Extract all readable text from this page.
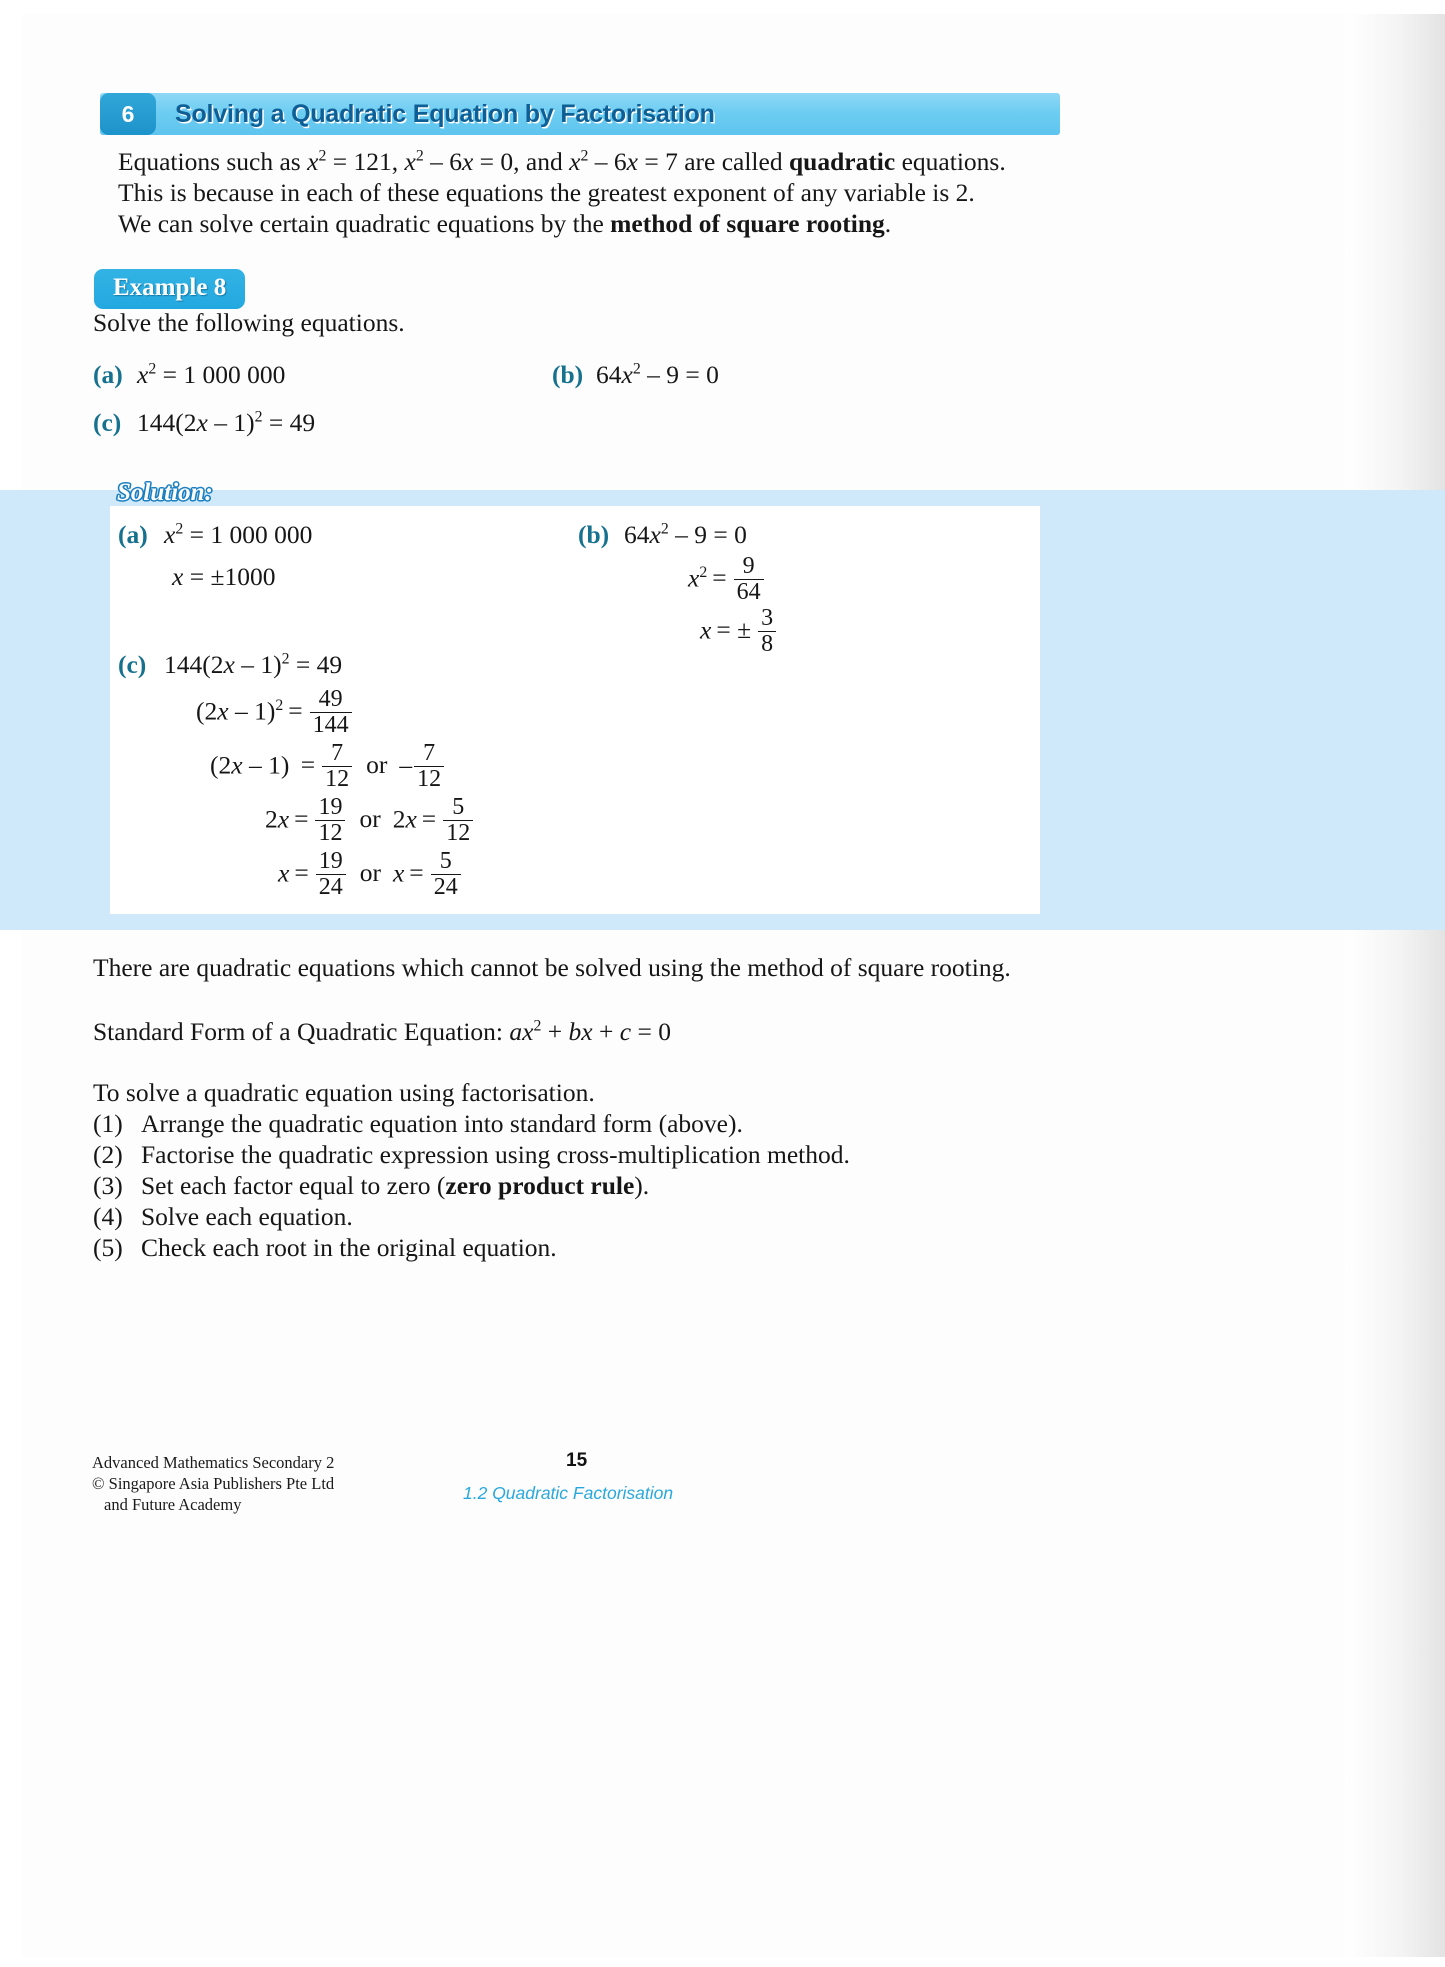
6 Solving a Quadratic Equation by Factorisation
Equations such as $x^2 = 121$, $x^2 - 6x = 0$, and $x^2 - 6x = 7$ are called quadratic equations.
This is because in each of these equations the greatest exponent of any variable is 2.
We can solve certain quadratic equations by the method of square rooting.
Example 8
Solve the following equations.
(a) $x^2 = 1$ 000 000	(b) $64x^2 - 9 = 0$
(c) 144(2x – 1)$^2$ = 49
Solution:
(a) $x^2 = 1$ 000 000
x = ±1000
(b) $64x^2 - 9 = 0$
$x^2 = \frac{9}{64}$
x = ± $\frac{3}{8}$
(c) 144(2x – 1)$^2$ = 49
$(2x - 1)^2 = \frac{49}{144}$
$(2x - 1) = \frac{7}{12}$ or – $\frac{7}{12}$
$2x = \frac{19}{12}$ or $2x = \frac{5}{12}$
$x = \frac{19}{24}$ or $x = \frac{5}{24}$
There are quadratic equations which cannot be solved using the method of square rooting.
Standard Form of a Quadratic Equation: $ax^2$ + bx + c = 0
To solve a quadratic equation using factorisation.
(1) Arrange the quadratic equation into standard form (above).
(2) Factorise the quadratic expression using cross-multiplication method.
(3) Set each factor equal to zero (zero product rule).
(4) Solve each equation.
(5) Check each root in the original equation.
Advanced Mathematics Secondary 2
© Singapore Asia Publishers Pte Ltd
and Future Academy
15
1.2 Quadratic Factorisation
